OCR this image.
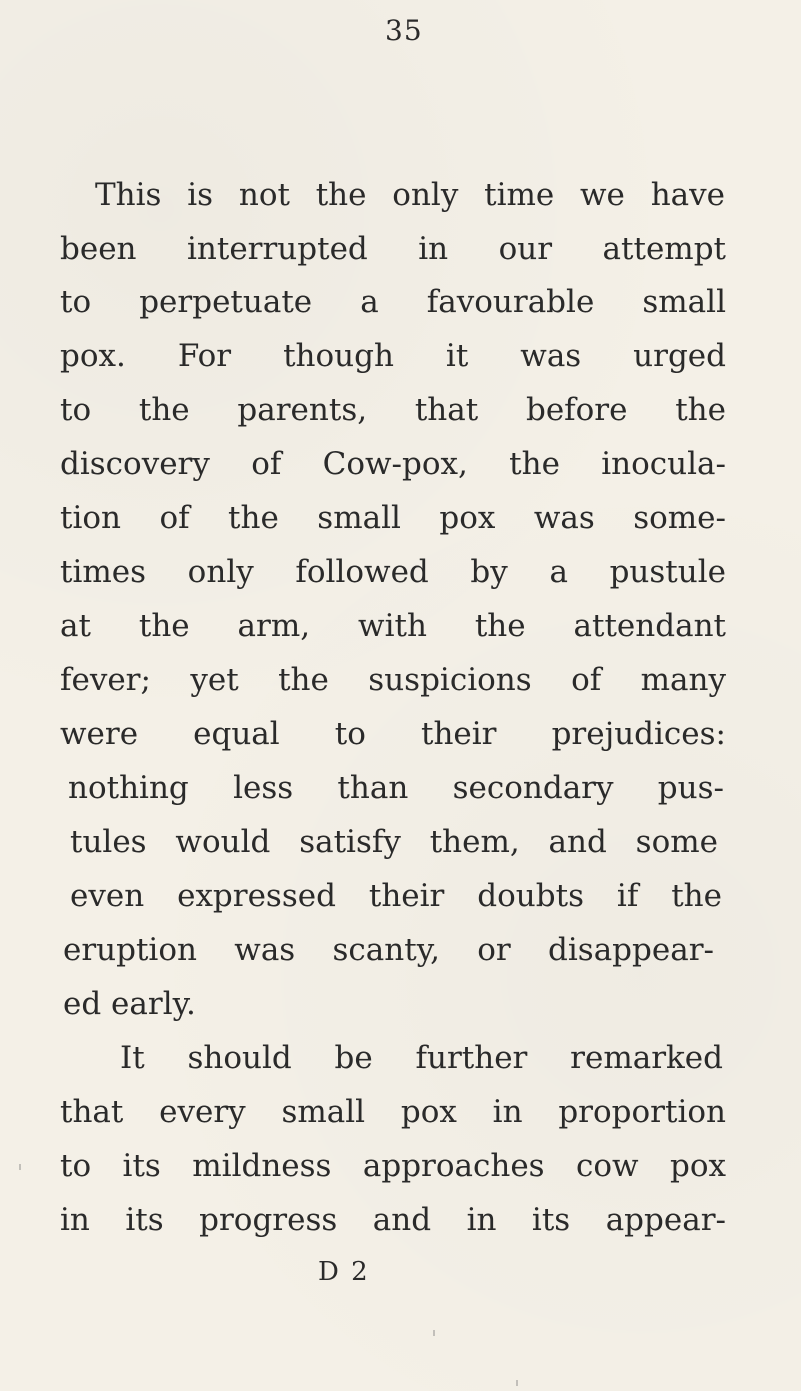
35
This is not the only time we have
been interrupted in our attempt
to perpetuate a favourable small
pox. For though it was urged
to the parents, that before the
discovery of Cow-pox, the inocula-
tion of the small pox was some-
times only followed by a pustule
at the arm, with the attendant
fever; yet the suspicions of many
were equal to their prejudices:
nothing less than secondary pus-
tules would satisfy them, and some
even expressed their doubts if the
eruption was scanty, or disappear-
ed early.
It should be further remarked
that every small pox in proportion
to its mildness approaches cow pox
in its progress and in its appear-
D 2
